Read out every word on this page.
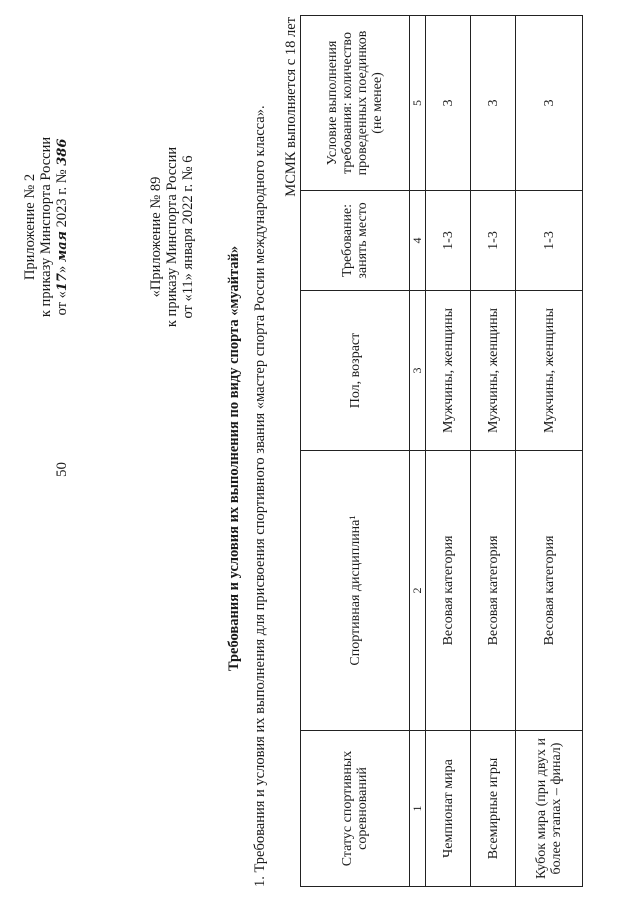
50
Приложение № 2 к приказу Минспорта России от «17» мая 2023 г. № 386
«Приложение № 89 к приказу Минспорта России от «11» января 2022 г. № 6
Требования и условия их выполнения по виду спорта «муайтай» 1. Требования и условия их выполнения для присвоения спортивного звания «мастер спорта России международного класса». МСМК выполняется с 18 лет
Статус спортивных соревнований	Спортивная дисциплина¹	Пол, возраст	Требование: занять место	Условие выполнения требования: количество проведенных поединков (не менее)
1	2	3	4	5
Чемпионат мира	Весовая категория	Мужчины, женщины	1-3	3
Всемирные игры	Весовая категория	Мужчины, женщины	1-3	3
Кубок мира (при двух и более этапах – финал)	Весовая категория	Мужчины, женщины	1-3	3
